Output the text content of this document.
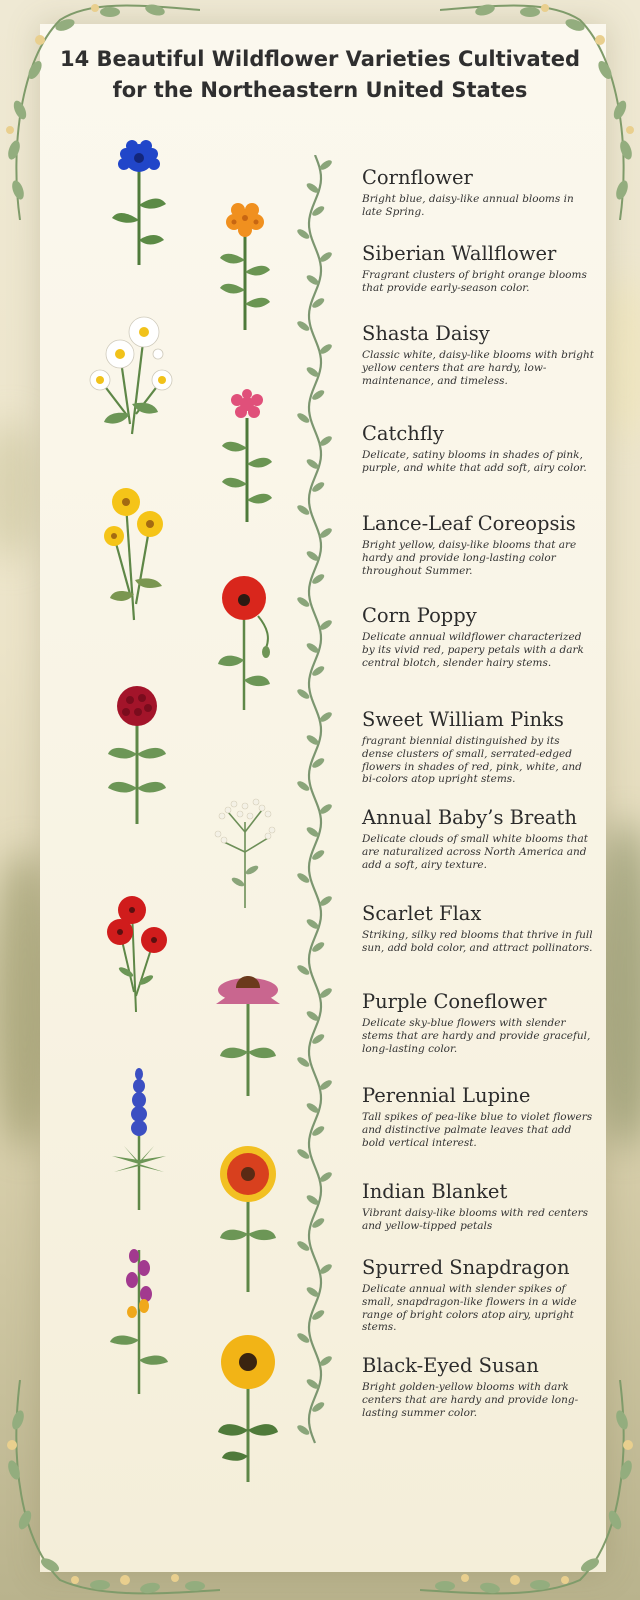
14 Beautiful Wildflower Varieties Cultivated for the Northeastern United States
Cornflower

Bright blue, daisy-like annual blooms in late Spring.

Siberian Wallflower

Fragrant clusters of bright orange blooms that provide early-season color.

Shasta Daisy

Classic white, daisy-like blooms with bright yellow centers that are hardy, low-maintenance, and timeless.

Catchfly

Delicate, satiny blooms in shades of pink, purple, and white that add soft, airy color.

Lance-Leaf Coreopsis

Bright yellow, daisy-like blooms that are hardy and provide long-lasting color throughout Summer.

Corn Poppy

Delicate annual wildflower characterized by its vivid red, papery petals with a dark central blotch, slender hairy stems.

Sweet William Pinks

fragrant biennial distinguished by its dense clusters of small, serrated-edged flowers in shades of red, pink, white, and bi-colors atop upright stems.

Annual Baby’s Breath

Delicate clouds of small white blooms that are naturalized across North America and add a soft, airy texture.

Scarlet Flax

Striking, silky red blooms that thrive in full sun, add bold color, and attract pollinators.

Purple Coneflower

Delicate sky-blue flowers with slender stems that are hardy and provide graceful, long-lasting color.

Perennial Lupine

Tall spikes of pea-like blue to violet flowers and distinctive palmate leaves that add bold vertical interest.

Indian Blanket

Vibrant daisy-like blooms with red centers and yellow-tipped petals

Spurred Snapdragon

Delicate annual with slender spikes of small, snapdragon-like flowers in a wide range of bright colors atop airy, upright stems.

Black-Eyed Susan

Bright golden-yellow blooms with dark centers that are hardy and provide long-lasting summer color.
